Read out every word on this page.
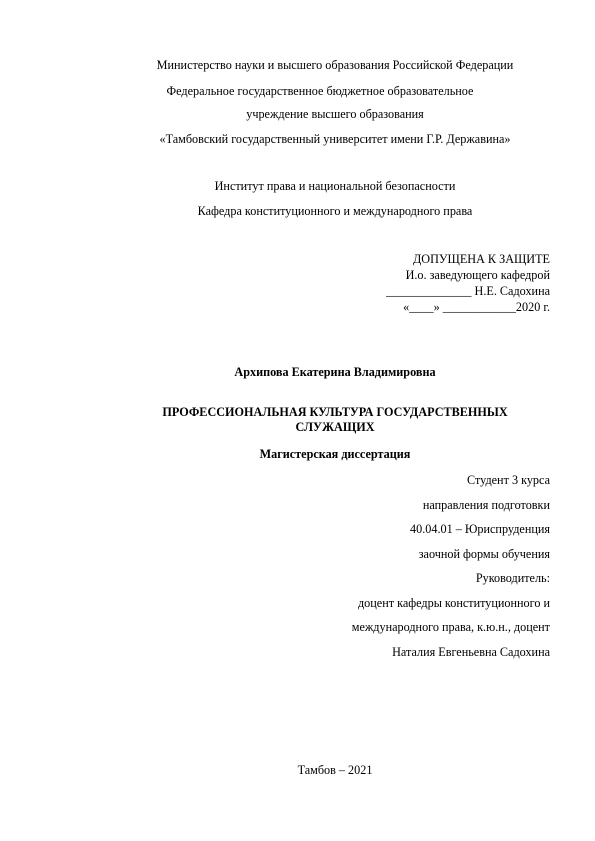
Министерство науки и высшего образования Российской Федерации
Федеральное государственное бюджетное образовательное
учреждение высшего образования
«Тамбовский государственный университет имени Г.Р. Державина»
Институт права и национальной безопасности
Кафедра конституционного и международного права
ДОПУЩЕНА К ЗАЩИТЕ
И.о. заведующего кафедрой
______________ Н.Е. Садохина
«____» ____________2020 г.
Архипова Екатерина Владимировна
ПРОФЕССИОНАЛЬНАЯ КУЛЬТУРА ГОСУДАРСТВЕННЫХ
СЛУЖАЩИХ
Магистерская диссертация
Студент 3 курса
направления подготовки
40.04.01 – Юриспруденция
заочной формы обучения
Руководитель:
доцент кафедры конституционного и
международного права, к.ю.н., доцент
Наталия Евгеньевна Садохина
Тамбов – 2021
